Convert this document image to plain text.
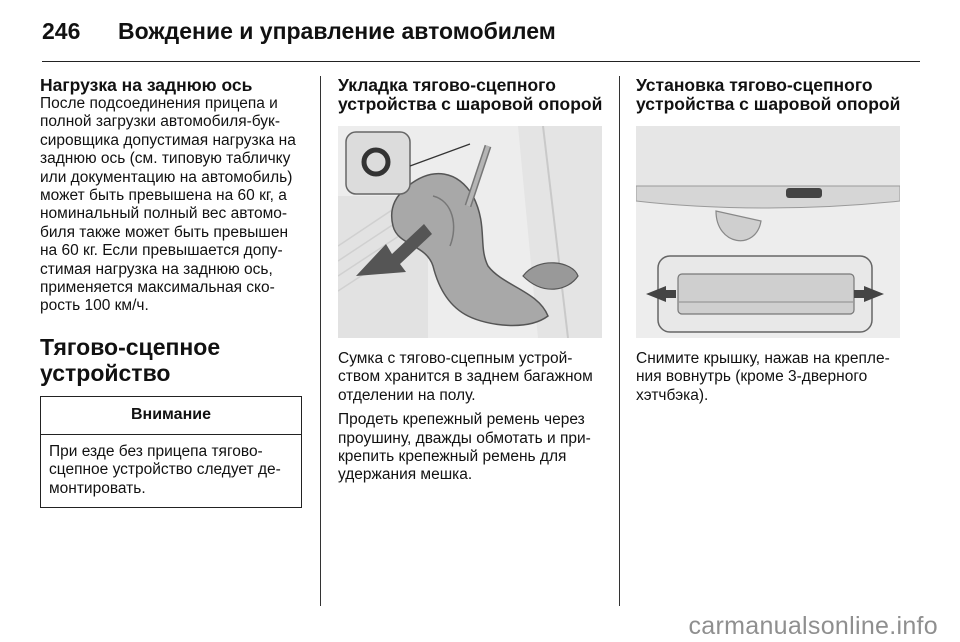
246 Вождение и управление автомобилем
Нагрузка на заднюю ось
После подсоединения прицепа и
полной загрузки автомобиля-бук-
сировщика допустимая нагрузка на
заднюю ось (см. типовую табличку
или документацию на автомобиль)
может быть превышена на 60 кг, а
номинальный полный вес автомо-
биля также может быть превышен
на 60 кг. Если превышается допу-
стимая нагрузка на заднюю ось,
применяется максимальная ско-
рость 100 км/ч.
Тягово-сцепное
устройство
Внимание
При езде без прицепа тягово-
сцепное устройство следует де-
монтировать.
Укладка тягово-сцепного
устройства с шаровой опорой
Сумка с тягово-сцепным устрой-
ством хранится в заднем багажном
отделении на полу.
Продеть крепежный ремень через
проушину, дважды обмотать и при-
крепить крепежный ремень для
удержания мешка.
Установка тягово-сцепного
устройства с шаровой опорой
Снимите крышку, нажав на крепле-
ния вовнутрь (кроме 3-дверного
хэтчбэка).
carmanualsonline.info
